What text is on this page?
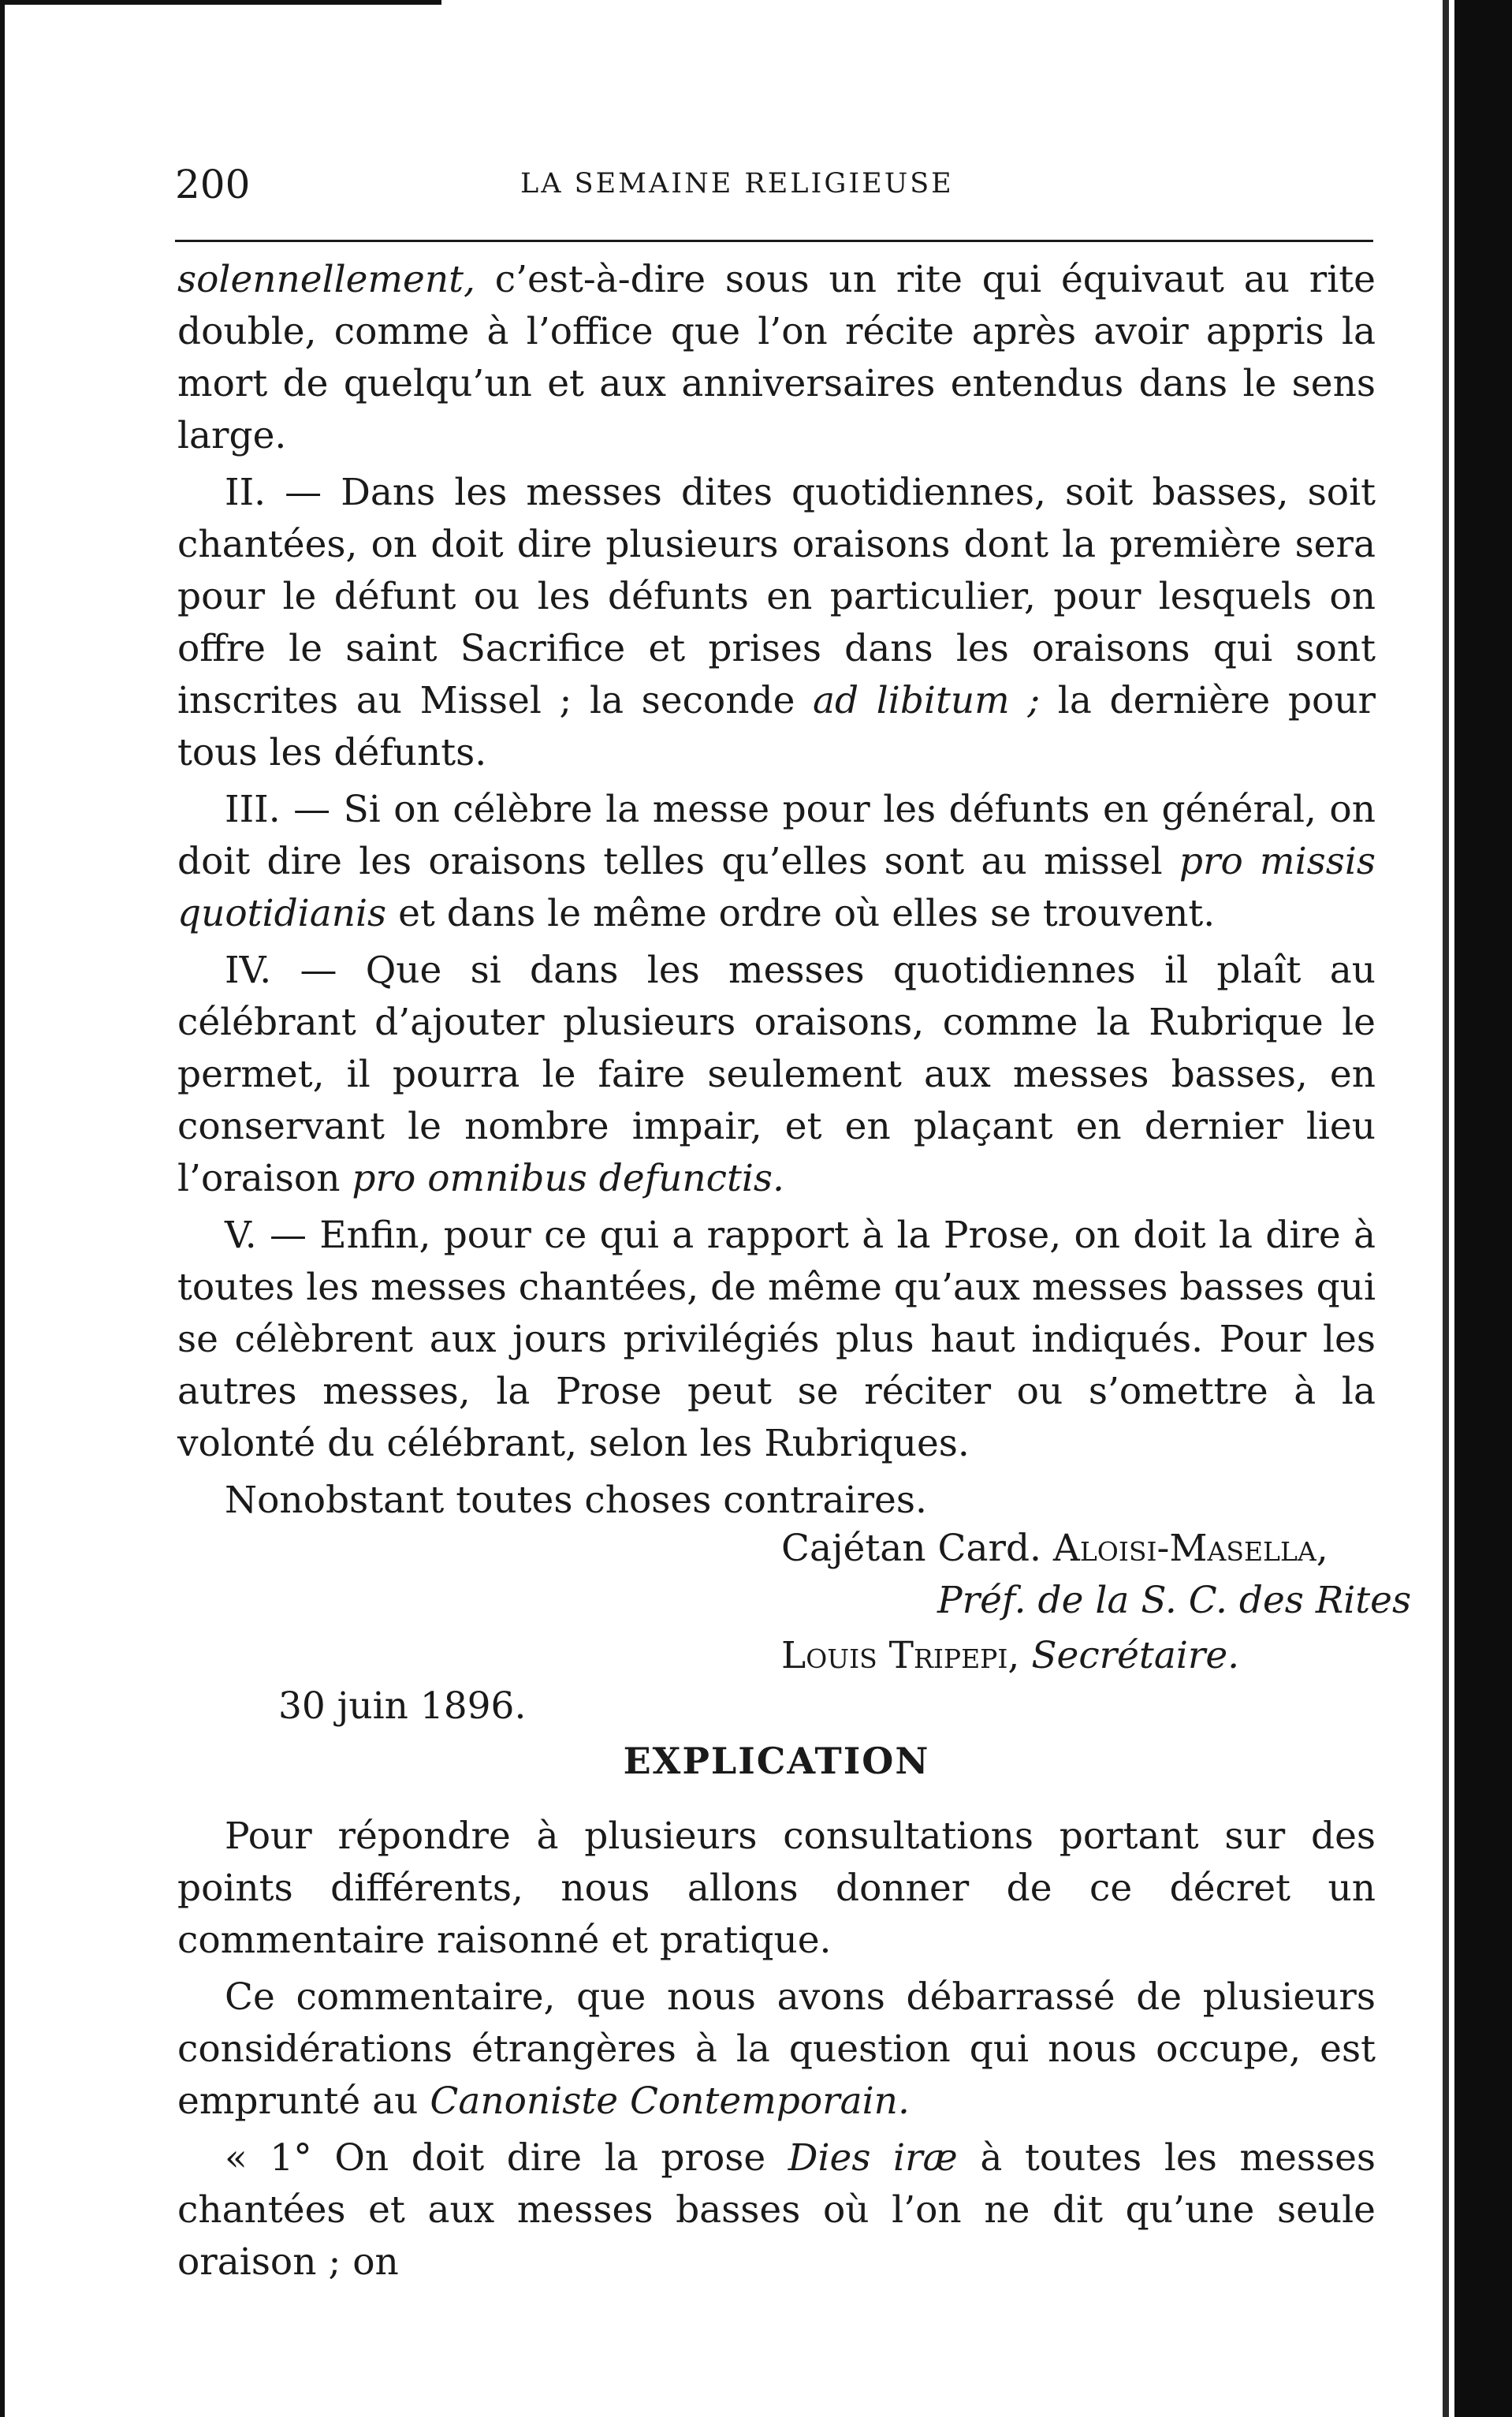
200	LA SEMAINE RELIGIEUSE

solennellement, c’est-à-dire sous un rite qui équivaut au rite double, comme à l’office que l’on récite après avoir appris la mort de quelqu’un et aux anniversaires entendus dans le sens large.

II. — Dans les messes dites quotidiennes, soit basses, soit chantées, on doit dire plusieurs oraisons dont la première sera pour le défunt ou les défunts en particulier, pour lesquels on offre le saint Sacrifice et prises dans les oraisons qui sont inscrites au Missel ; la seconde ad libitum ; la dernière pour tous les défunts.

III. — Si on célèbre la messe pour les défunts en général, on doit dire les oraisons telles qu’elles sont au missel pro missis quotidianis et dans le même ordre où elles se trouvent.

IV. — Que si dans les messes quotidiennes il plaît au célébrant d’ajouter plusieurs oraisons, comme la Rubrique le permet, il pourra le faire seulement aux messes basses, en conservant le nombre impair, et en plaçant en dernier lieu l’oraison pro omnibus defunctis.

V. — Enfin, pour ce qui a rapport à la Prose, on doit la dire à toutes les messes chantées, de même qu’aux messes basses qui se célèbrent aux jours privilégiés plus haut indiqués. Pour les autres messes, la Prose peut se réciter ou s’omettre à la volonté du célébrant, selon les Rubriques.

Nonobstant toutes choses contraires.

Cajétan Card. Aloisi-Masella,
Préf. de la S. C. des Rites
Louis Tripepi, Secrétaire.
30 juin 1896.
EXPLICATION

Pour répondre à plusieurs consultations portant sur des points différents, nous allons donner de ce décret un commentaire raisonné et pratique.

Ce commentaire, que nous avons débarrassé de plusieurs considérations étrangères à la question qui nous occupe, est emprunté au Canoniste Contemporain.

« 1° On doit dire la prose Dies iræ à toutes les messes chantées et aux messes basses où l’on ne dit qu’une seule oraison ; on
